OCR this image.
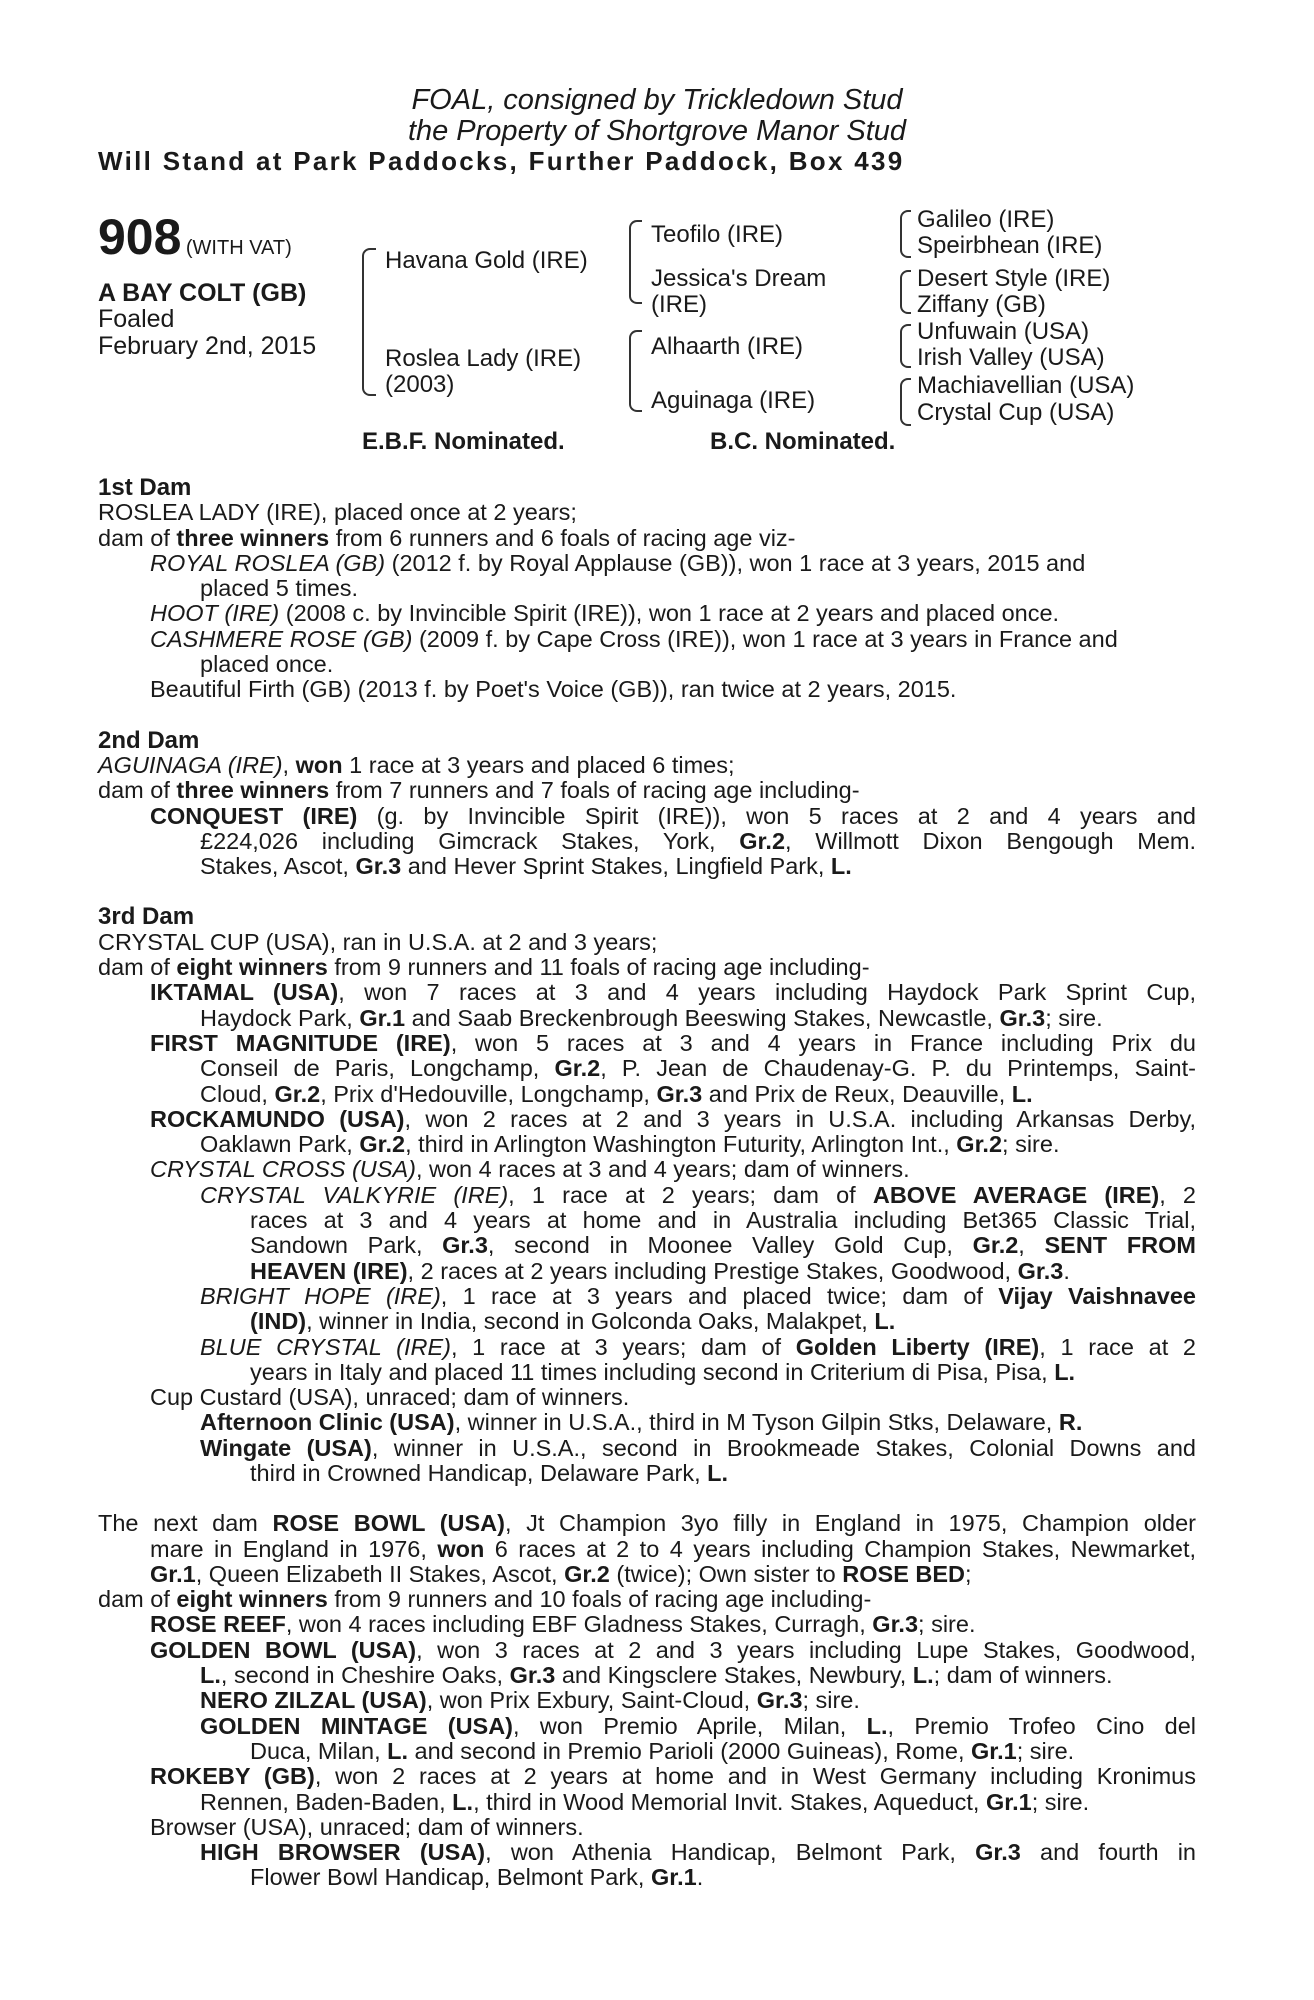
FOAL, consigned by Trickledown Stud
the Property of Shortgrove Manor Stud
Will Stand at Park Paddocks, Further Paddock, Box 439
908 (WITH VAT)
A BAY COLT (GB)
Foaled
February 2nd, 2015
Havana Gold (IRE)
Roslea Lady (IRE)
(2003)
Teofilo (IRE)
Jessica's Dream
(IRE)
Alhaarth (IRE)
Aguinaga (IRE)
Galileo (IRE)
Speirbhean (IRE)
Desert Style (IRE)
Ziffany (GB)
Unfuwain (USA)
Irish Valley (USA)
Machiavellian (USA)
Crystal Cup (USA)
E.B.F. Nominated.	B.C. Nominated.
1st Dam
ROSLEA LADY (IRE), placed once at 2 years;
dam of three winners from 6 runners and 6 foals of racing age viz-
ROYAL ROSLEA (GB) (2012 f. by Royal Applause (GB)), won 1 race at 3 years, 2015 and
placed 5 times.
HOOT (IRE) (2008 c. by Invincible Spirit (IRE)), won 1 race at 2 years and placed once.
CASHMERE ROSE (GB) (2009 f. by Cape Cross (IRE)), won 1 race at 3 years in France and
placed once.
Beautiful Firth (GB) (2013 f. by Poet's Voice (GB)), ran twice at 2 years, 2015.
2nd Dam
AGUINAGA (IRE), won 1 race at 3 years and placed 6 times;
dam of three winners from 7 runners and 7 foals of racing age including-
CONQUEST (IRE) (g. by Invincible Spirit (IRE)), won 5 races at 2 and 4 years and
£224,026 including Gimcrack Stakes, York, Gr.2, Willmott Dixon Bengough Mem.
Stakes, Ascot, Gr.3 and Hever Sprint Stakes, Lingfield Park, L.
3rd Dam
CRYSTAL CUP (USA), ran in U.S.A. at 2 and 3 years;
dam of eight winners from 9 runners and 11 foals of racing age including-
IKTAMAL (USA), won 7 races at 3 and 4 years including Haydock Park Sprint Cup,
Haydock Park, Gr.1 and Saab Breckenbrough Beeswing Stakes, Newcastle, Gr.3; sire.
FIRST MAGNITUDE (IRE), won 5 races at 3 and 4 years in France including Prix du
Conseil de Paris, Longchamp, Gr.2, P. Jean de Chaudenay-G. P. du Printemps, Saint-
Cloud, Gr.2, Prix d'Hedouville, Longchamp, Gr.3 and Prix de Reux, Deauville, L.
ROCKAMUNDO (USA), won 2 races at 2 and 3 years in U.S.A. including Arkansas Derby,
Oaklawn Park, Gr.2, third in Arlington Washington Futurity, Arlington Int., Gr.2; sire.
CRYSTAL CROSS (USA), won 4 races at 3 and 4 years; dam of winners.
CRYSTAL VALKYRIE (IRE), 1 race at 2 years; dam of ABOVE AVERAGE (IRE), 2
races at 3 and 4 years at home and in Australia including Bet365 Classic Trial,
Sandown Park, Gr.3, second in Moonee Valley Gold Cup, Gr.2, SENT FROM
HEAVEN (IRE), 2 races at 2 years including Prestige Stakes, Goodwood, Gr.3.
BRIGHT HOPE (IRE), 1 race at 3 years and placed twice; dam of Vijay Vaishnavee
(IND), winner in India, second in Golconda Oaks, Malakpet, L.
BLUE CRYSTAL (IRE), 1 race at 3 years; dam of Golden Liberty (IRE), 1 race at 2
years in Italy and placed 11 times including second in Criterium di Pisa, Pisa, L.
Cup Custard (USA), unraced; dam of winners.
Afternoon Clinic (USA), winner in U.S.A., third in M Tyson Gilpin Stks, Delaware, R.
Wingate (USA), winner in U.S.A., second in Brookmeade Stakes, Colonial Downs and
third in Crowned Handicap, Delaware Park, L.
The next dam ROSE BOWL (USA), Jt Champion 3yo filly in England in 1975, Champion older
mare in England in 1976, won 6 races at 2 to 4 years including Champion Stakes, Newmarket,
Gr.1, Queen Elizabeth II Stakes, Ascot, Gr.2 (twice); Own sister to ROSE BED;
dam of eight winners from 9 runners and 10 foals of racing age including-
ROSE REEF, won 4 races including EBF Gladness Stakes, Curragh, Gr.3; sire.
GOLDEN BOWL (USA), won 3 races at 2 and 3 years including Lupe Stakes, Goodwood,
L., second in Cheshire Oaks, Gr.3 and Kingsclere Stakes, Newbury, L.; dam of winners.
NERO ZILZAL (USA), won Prix Exbury, Saint-Cloud, Gr.3; sire.
GOLDEN MINTAGE (USA), won Premio Aprile, Milan, L., Premio Trofeo Cino del
Duca, Milan, L. and second in Premio Parioli (2000 Guineas), Rome, Gr.1; sire.
ROKEBY (GB), won 2 races at 2 years at home and in West Germany including Kronimus
Rennen, Baden-Baden, L., third in Wood Memorial Invit. Stakes, Aqueduct, Gr.1; sire.
Browser (USA), unraced; dam of winners.
HIGH BROWSER (USA), won Athenia Handicap, Belmont Park, Gr.3 and fourth in
Flower Bowl Handicap, Belmont Park, Gr.1.
